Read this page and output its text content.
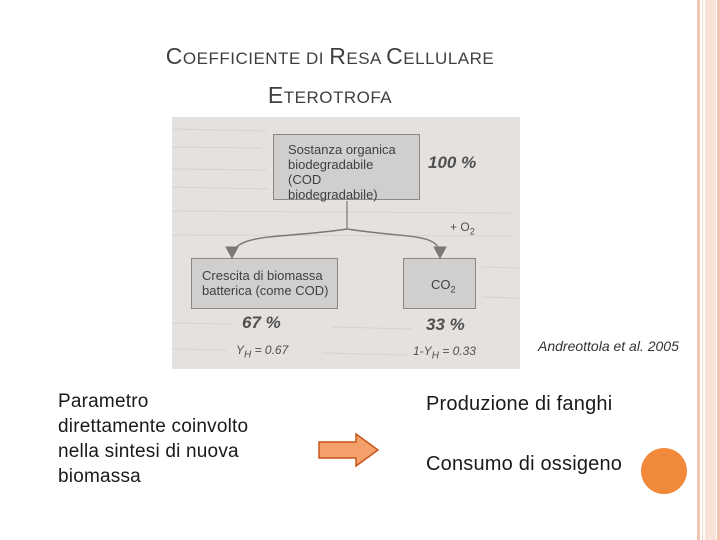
COEFFICIENTE DI RESA CELLULARE
ETEROTROFA
Sostanza organica
biodegradabile
(COD biodegradabile)
100 %
+ $O_2$
Crescita di biomassa
batterica (come COD)	$CO_2$
67 %	33 %
$Y_H = 0.67$	$1-Y_H = 0.33$	Andreottola et al. 2005
Parametro
direttamente coinvolto
nella sintesi di nuova
biomassa
Produzione di fanghi
Consumo di ossigeno
